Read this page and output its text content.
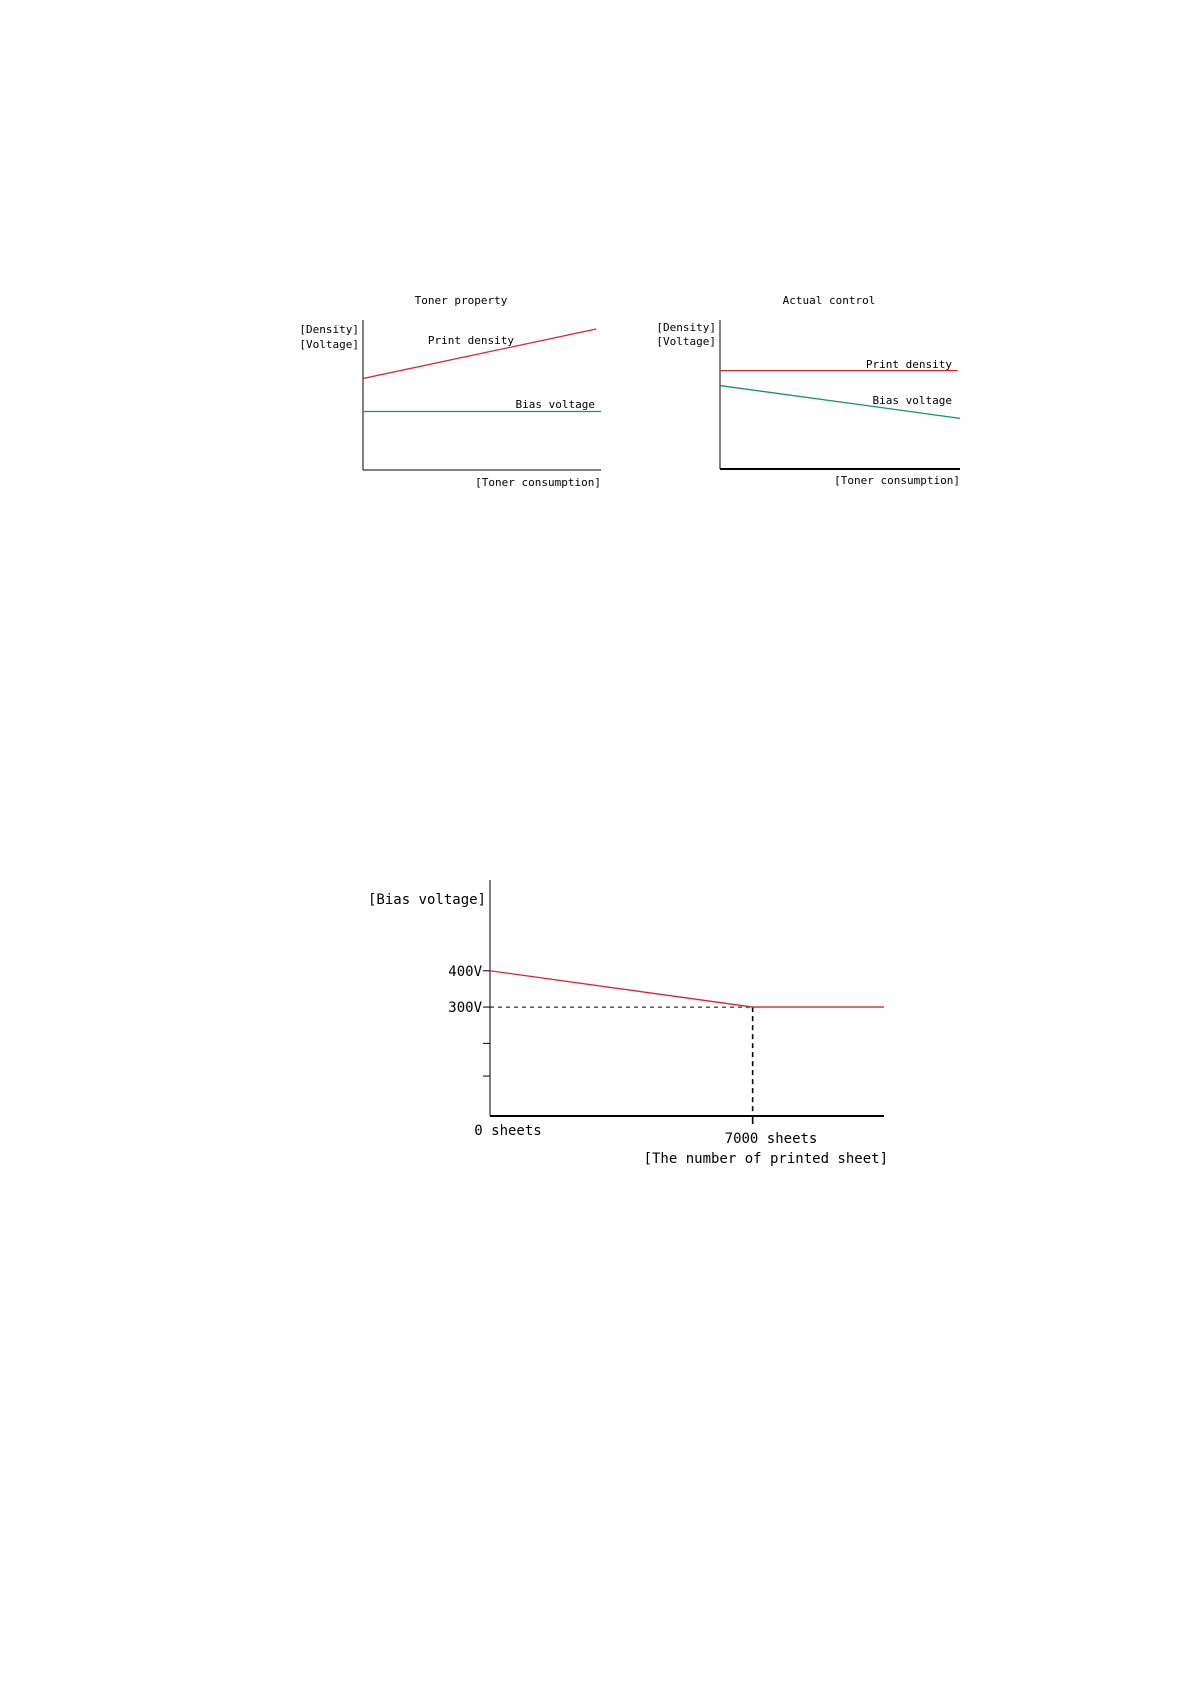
Toner property
[Density]
[Voltage]
[Toner consumption]
Print density
Bias voltage
Actual control
[Density]
[Voltage]
[Toner consumption]
Print density
Bias voltage
[Bias voltage]
400V
300V
0 sheets	7000 sheets
[The number of printed sheet]
